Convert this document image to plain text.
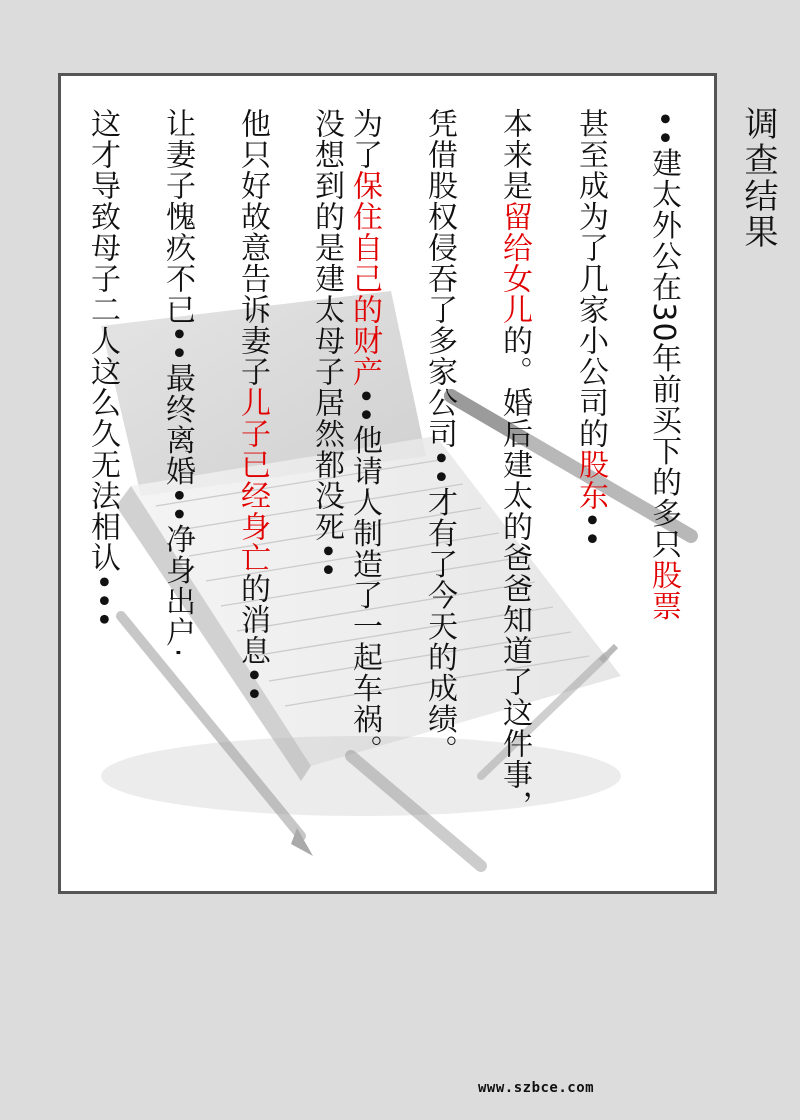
••建太外公在30年前买下的多只股票
甚至成为了几家小公司的股东••
本来是留给女儿的。婚后建太的爸爸知道了这件事，
凭借股权侵吞了多家公司••才有了今天的成绩。
为了保住自己的财产••他请人制造了一起车祸。
没想到的是建太母子居然都没死••
他只好故意告诉妻子儿子已经身亡的消息••
让妻子愧疚不已••最终离婚••净身出户·
这才导致母子二人这么久无法相认•••	调查结果
www.szbce.com
